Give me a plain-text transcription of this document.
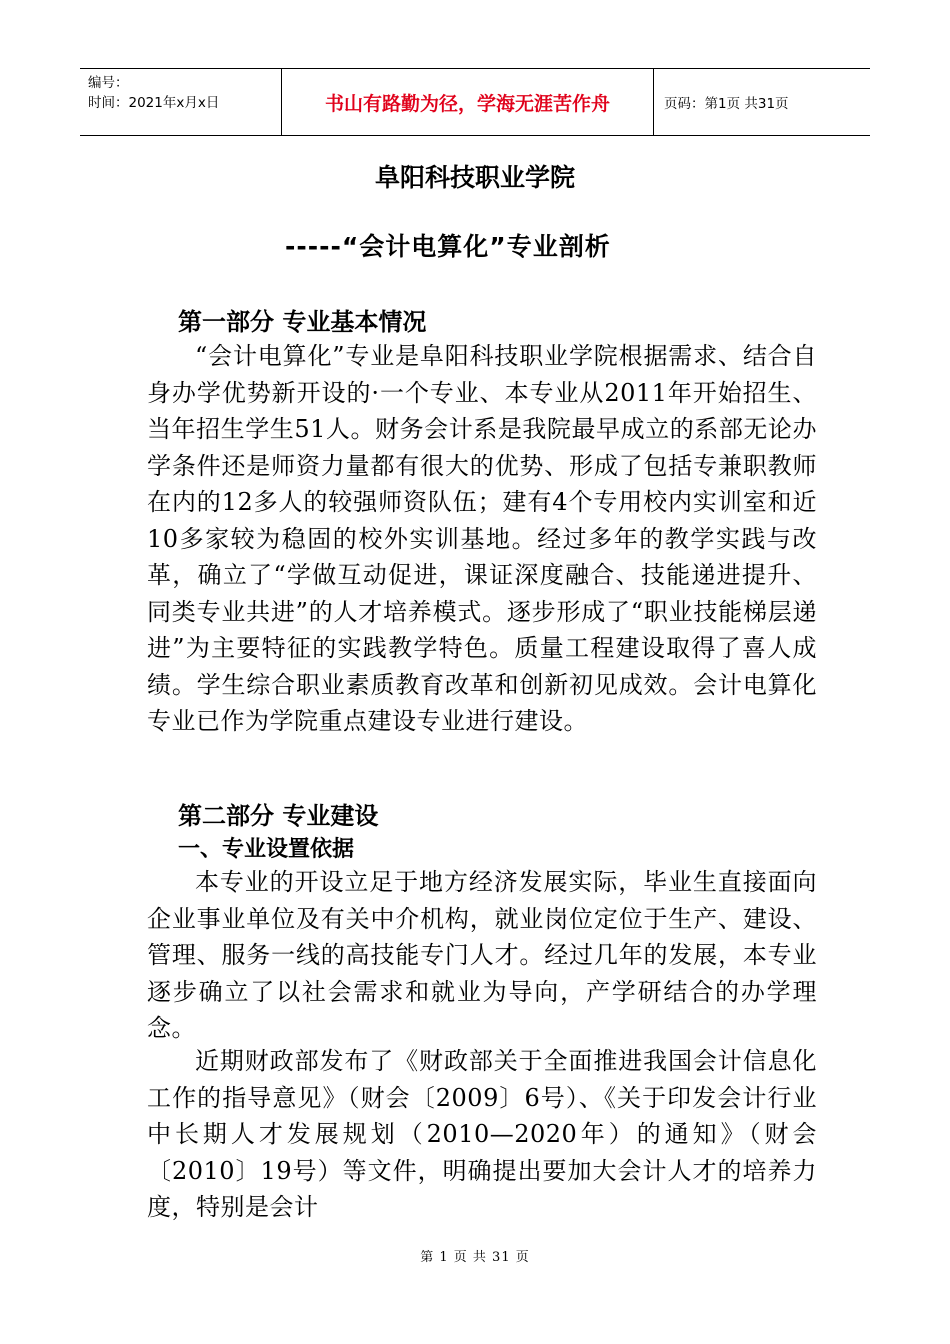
编号：
时间：2021年x月x日	书山有路勤为径，学海无涯苦作舟	页码：第1页 共31页
阜阳科技职业学院
-----“会计电算化”专业剖析
第一部分 专业基本情况
“会计电算化”专业是阜阳科技职业学院根据需求、结合自身办学优势新开设的·一个专业、本专业从2011年开始招生、当年招生学生51人。财务会计系是我院最早成立的系部无论办学条件还是师资力量都有很大的优势、形成了包括专兼职教师在内的12多人的较强师资队伍；建有4个专用校内实训室和近10多家较为稳固的校外实训基地。经过多年的教学实践与改革，确立了“学做互动促进，课证深度融合、技能递进提升、同类专业共进”的人才培养模式。逐步形成了“职业技能梯层递进”为主要特征的实践教学特色。质量工程建设取得了喜人成绩。学生综合职业素质教育改革和创新初见成效。会计电算化专业已作为学院重点建设专业进行建设。
第二部分 专业建设
一、专业设置依据
本专业的开设立足于地方经济发展实际，毕业生直接面向企业事业单位及有关中介机构，就业岗位定位于生产、建设、管理、服务一线的高技能专门人才。经过几年的发展，本专业逐步确立了以社会需求和就业为导向，产学研结合的办学理念。
近期财政部发布了《财政部关于全面推进我国会计信息化工作的指导意见》（财会〔2009〕6号）、《关于印发会计行业中长期人才发展规划（2010—2020年）的通知》（财会〔2010〕19号）等文件，明确提出要加大会计人才的培养力度，特别是会计
第 1 页 共 31 页
